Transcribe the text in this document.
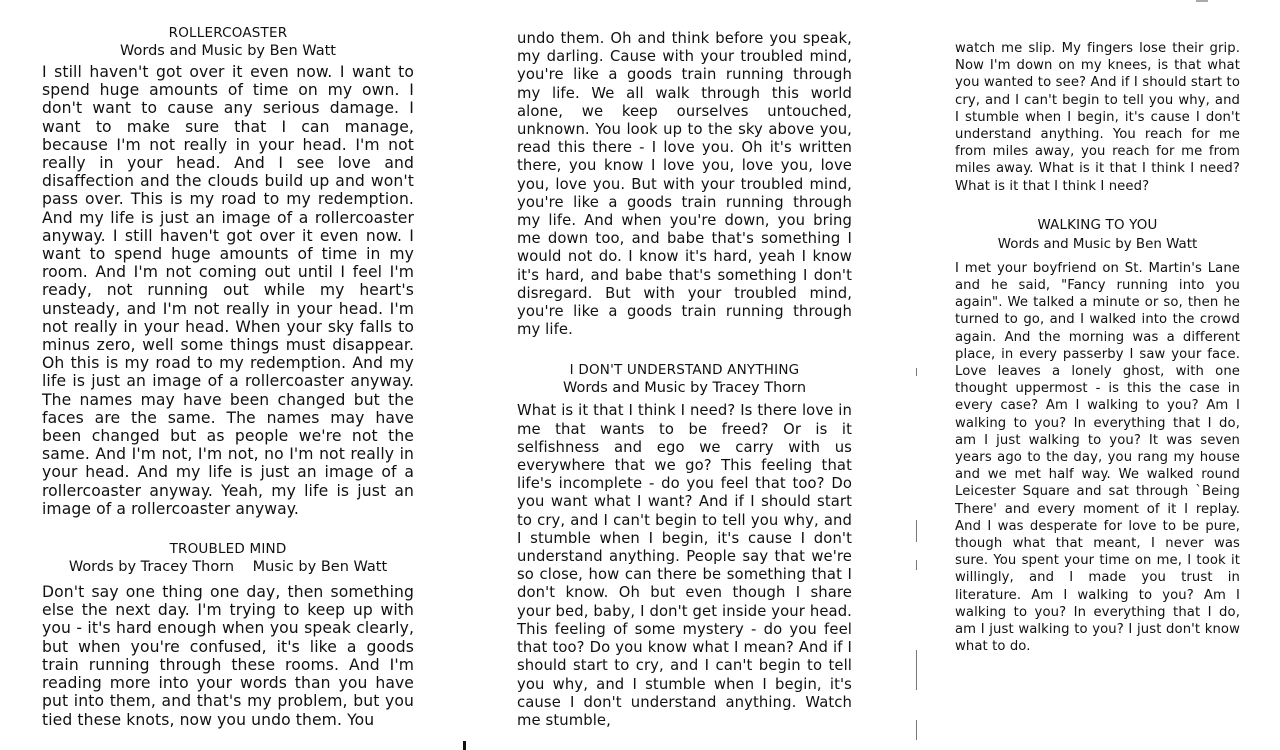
ROLLERCOASTER

Words and Music by Ben Watt

I still haven't got over it even now. I want to spend huge amounts of time on my own. I don't want to cause any serious damage. I want to make sure that I can manage, because I'm not really in your head. I'm not really in your head. And I see love and disaffection and the clouds build up and won't pass over. This is my road to my redemption. And my life is just an image of a rollercoaster anyway. I still haven't got over it even now. I want to spend huge amounts of time in my room. And I'm not coming out until I feel I'm ready, not running out while my heart's unsteady, and I'm not really in your head. I'm not really in your head. When your sky falls to minus zero, well some things must disappear. Oh this is my road to my redemption. And my life is just an image of a rollercoaster anyway. The names may have been changed but the faces are the same. The names may have been changed but as people we're not the same. And I'm not, I'm not, no I'm not really in your head. And my life is just an image of a rollercoaster anyway. Yeah, my life is just an image of a rollercoaster anyway.

TROUBLED MIND

Words by Tracey Thorn    Music by Ben Watt

Don't say one thing one day, then something else the next day. I'm trying to keep up with you - it's hard enough when you speak clearly, but when you're confused, it's like a goods train running through these rooms. And I'm reading more into your words than you have put into them, and that's my problem, but you tied these knots, now you undo them. You

undo them. Oh and think before you speak, my darling. Cause with your troubled mind, you're like a goods train running through my life. We all walk through this world alone, we keep ourselves untouched, unknown. You look up to the sky above you, read this there - I love you. Oh it's written there, you know I love you, love you, love you, love you. But with your troubled mind, you're like a goods train running through my life. And when you're down, you bring me down too, and babe that's something I would not do. I know it's hard, yeah I know it's hard, and babe that's something I don't disregard. But with your troubled mind, you're like a goods train running through my life.

I DON'T UNDERSTAND ANYTHING

Words and Music by Tracey Thorn

What is it that I think I need? Is there love in me that wants to be freed? Or is it selfishness and ego we carry with us everywhere that we go? This feeling that life's incomplete - do you feel that too? Do you want what I want? And if I should start to cry, and I can't begin to tell you why, and I stumble when I begin, it's cause I don't understand anything. People say that we're so close, how can there be something that I don't know. Oh but even though I share your bed, baby, I don't get inside your head. This feeling of some mystery - do you feel that too? Do you know what I mean? And if I should start to cry, and I can't begin to tell you why, and I stumble when I begin, it's cause I don't understand anything. Watch me stumble,

watch me slip. My fingers lose their grip. Now I'm down on my knees, is that what you wanted to see? And if I should start to cry, and I can't begin to tell you why, and I stumble when I begin, it's cause I don't understand anything. You reach for me from miles away, you reach for me from miles away. What is it that I think I need? What is it that I think I need?

WALKING TO YOU

Words and Music by Ben Watt

I met your boyfriend on St. Martin's Lane and he said, "Fancy running into you again". We talked a minute or so, then he turned to go, and I walked into the crowd again. And the morning was a different place, in every passerby I saw your face. Love leaves a lonely ghost, with one thought uppermost - is this the case in every case? Am I walking to you? Am I walking to you? In everything that I do, am I just walking to you? It was seven years ago to the day, you rang my house and we met half way. We walked round Leicester Square and sat through `Being There' and every moment of it I replay. And I was desperate for love to be pure, though what that meant, I never was sure. You spent your time on me, I took it willingly, and I made you trust in literature. Am I walking to you? Am I walking to you? In everything that I do, am I just walking to you? I just don't know what to do.
